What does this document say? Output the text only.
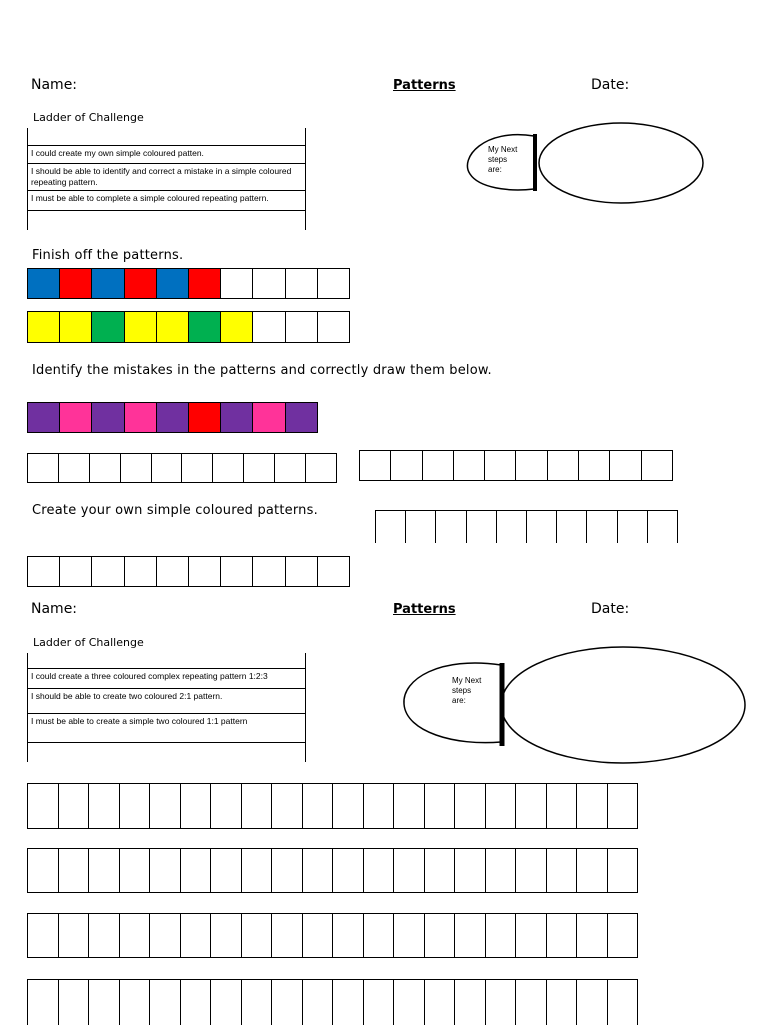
Name:	Patterns	Date:
Ladder of Challenge
I could create my own simple coloured patten.
I should be able to identify and correct a mistake in a simple coloured repeating pattern.
I must be able to complete a simple coloured repeating pattern.
My Next
steps
are:
Finish off the patterns.
Identify the mistakes in the patterns and correctly draw them below.
Create your own simple coloured patterns.
Name:	Patterns	Date:
Ladder of Challenge
I could create a three coloured complex repeating pattern 1:2:3
I should be able to create two coloured 2:1 pattern.
I must be able to create a simple two coloured 1:1 pattern
My Next
steps
are:
